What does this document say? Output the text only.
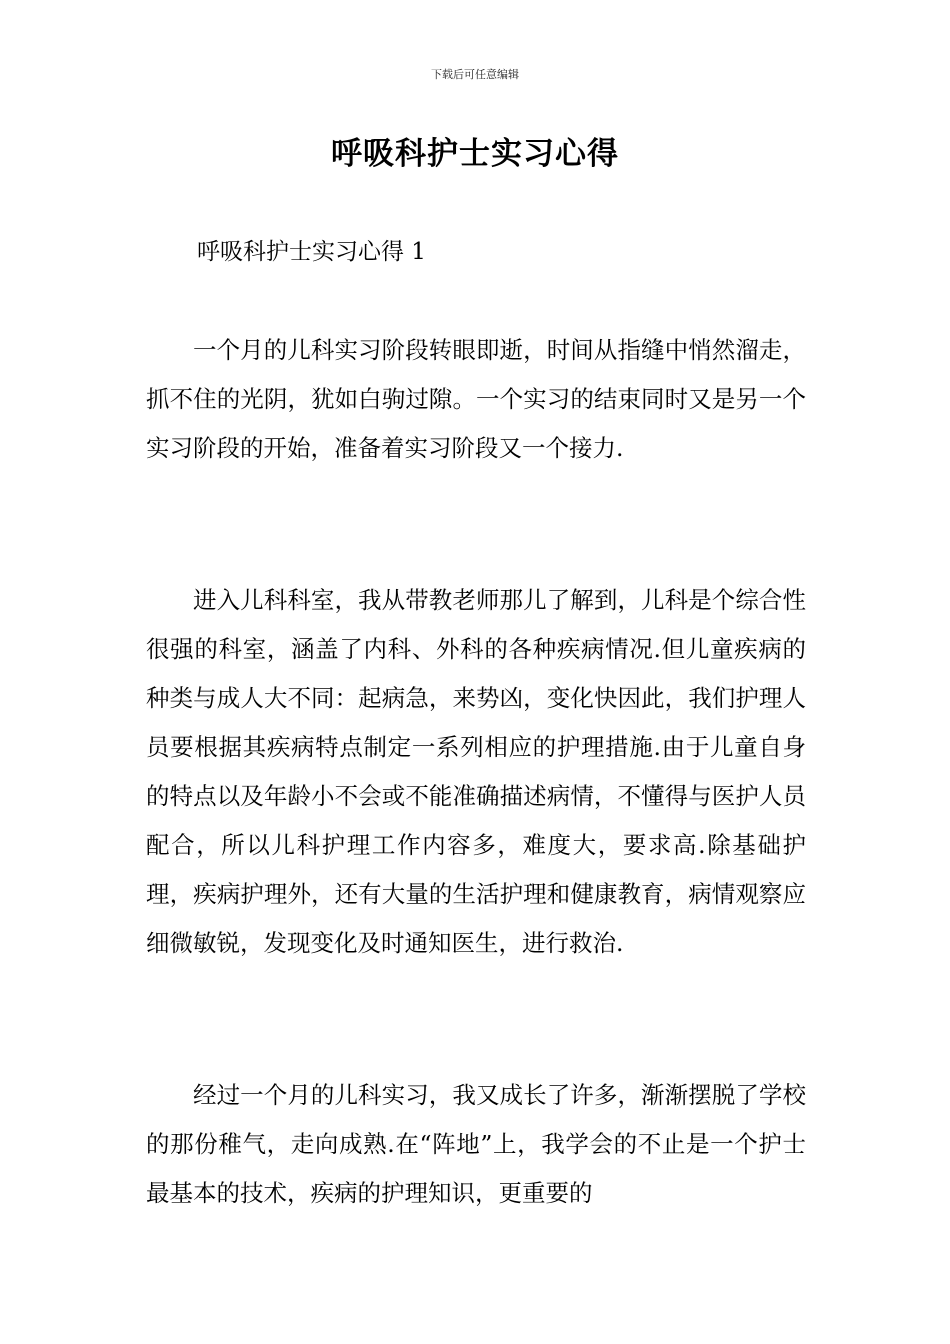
下载后可任意编辑
呼吸科护士实习心得
呼吸科护士实习心得 1

一个月的儿科实习阶段转眼即逝，时间从指缝中悄然溜走，抓不住的光阴，犹如白驹过隙。一个实习的结束同时又是另一个实习阶段的开始，准备着实习阶段又一个接力.

进入儿科科室，我从带教老师那儿了解到，儿科是个综合性很强的科室，涵盖了内科、外科的各种疾病情况.但儿童疾病的种类与成人大不同：起病急，来势凶，变化快因此，我们护理人员要根据其疾病特点制定一系列相应的护理措施.由于儿童自身的特点以及年龄小不会或不能准确描述病情，不懂得与医护人员配合，所以儿科护理工作内容多，难度大，要求高.除基础护理，疾病护理外，还有大量的生活护理和健康教育，病情观察应细微敏锐，发现变化及时通知医生，进行救治.

经过一个月的儿科实习，我又成长了许多，渐渐摆脱了学校的那份稚气，走向成熟.在“阵地”上，我学会的不止是一个护士最基本的技术，疾病的护理知识，更重要的
